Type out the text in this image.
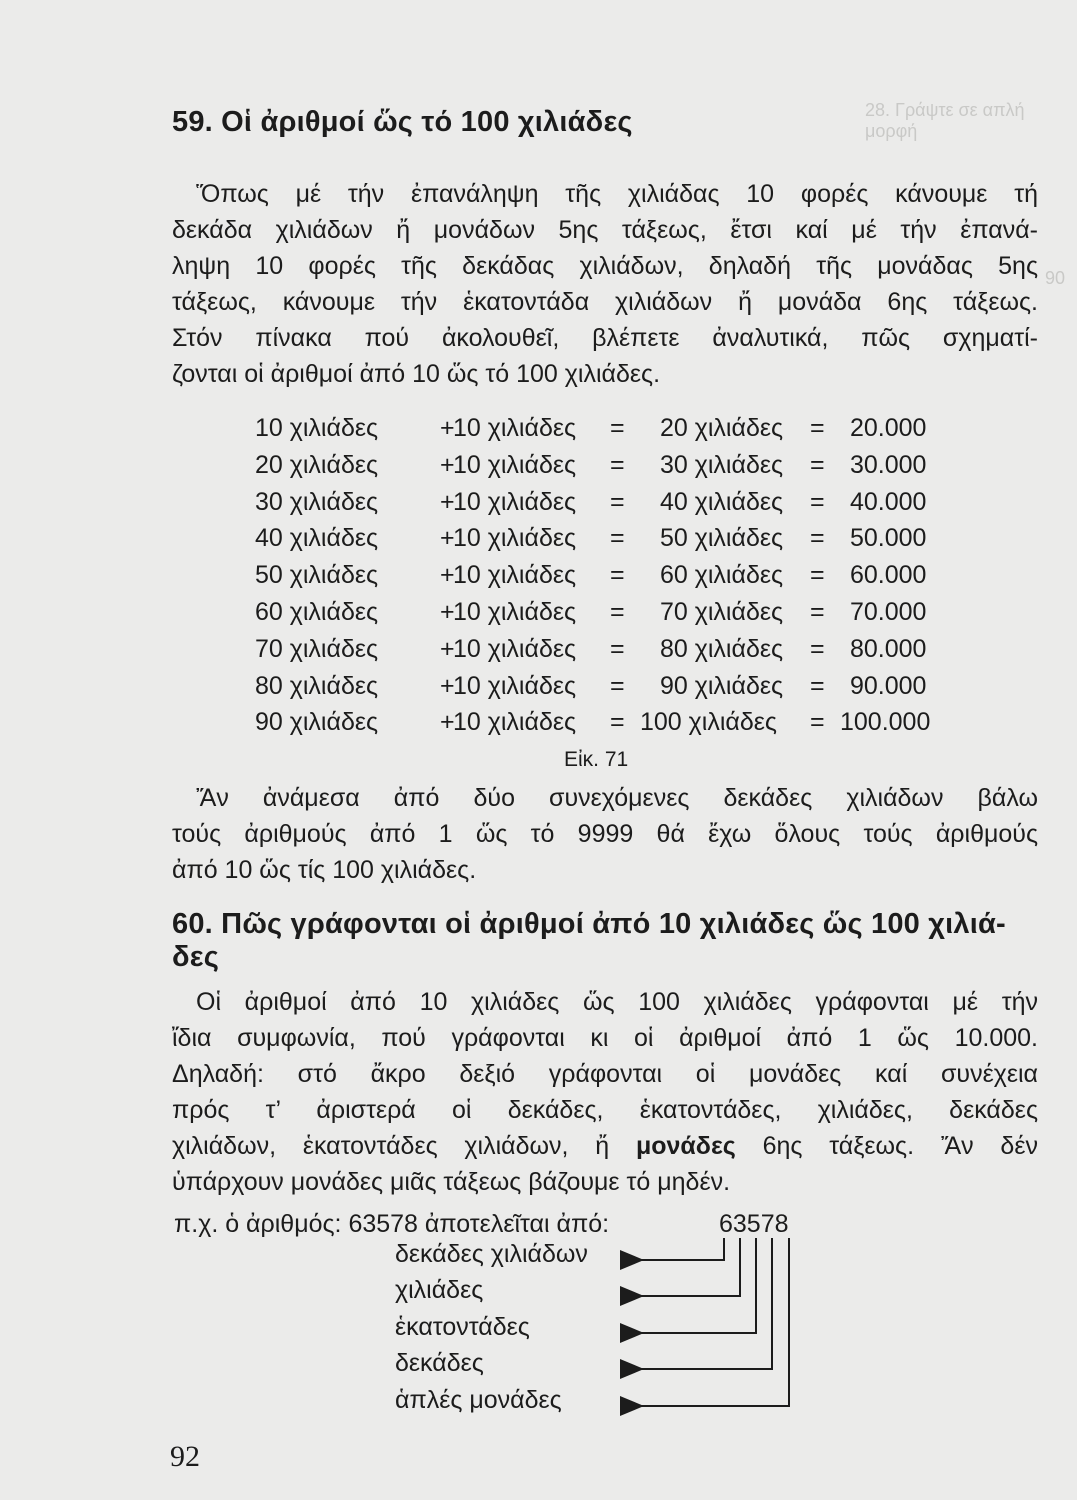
28. Γράψτε σε απλή μορφή
90
59. Οἱ ἀριθμοί ὥς τό 100 χιλιάδες
Ὅπως μέ τήν ἐπανάληψη τῆς χιλιάδας 10 φορές κάνουμε τή
δεκάδα χιλιάδων ἤ μονάδων 5ης τάξεως, ἔτσι καί μέ τήν ἐπανά-
ληψη 10 φορές τῆς δεκάδας χιλιάδων, δηλαδή τῆς μονάδας 5ης
τάξεως, κάνουμε τήν ἑκατοντάδα χιλιάδων ἤ μονάδα 6ης τάξεως.
Στόν πίνακα πού ἀκολουθεῖ, βλέπετε ἀναλυτικά, πῶς σχηματί-
ζονται οἱ ἀριθμοί ἀπό 10 ὥς τό 100 χιλιάδες.
10 χιλιάδες +
10 χιλιάδες = 20 χιλιάδες = 20.000
20 χιλιάδες +
10 χιλιάδες = 30 χιλιάδες = 30.000
30 χιλιάδες +
10 χιλιάδες = 40 χιλιάδες = 40.000
40 χιλιάδες +
10 χιλιάδες = 50 χιλιάδες = 50.000
50 χιλιάδες +
10 χιλιάδες = 60 χιλιάδες = 60.000
60 χιλιάδες +
10 χιλιάδες = 70 χιλιάδες = 70.000
70 χιλιάδες +
10 χιλιάδες = 80 χιλιάδες = 80.000
80 χιλιάδες +
10 χιλιάδες = 90 χιλιάδες = 90.000
90 χιλιάδες +
10 χιλιάδες = 100 χιλιάδες = 100.000
Εἰκ. 71
Ἄν ἀνάμεσα ἀπό δύο συνεχόμενες δεκάδες χιλιάδων βάλω
τούς ἀριθμούς ἀπό 1 ὥς τό 9999 θά ἔχω ὅλους τούς ἀριθμούς
ἀπό 10 ὥς τίς 100 χιλιάδες.
60. Πῶς γράφονται οἱ ἀριθμοί ἀπό 10 χιλιάδες ὥς 100 χιλιά-
δες
Οἱ ἀριθμοί ἀπό 10 χιλιάδες ὥς 100 χιλιάδες γράφονται μέ τήν
ἴδια συμφωνία, πού γράφονται κι οἱ ἀριθμοί ἀπό 1 ὥς 10.000.
Δηλαδή: στό ἄκρο δεξιό γράφονται οἱ μονάδες καί συνέχεια
πρός τ’ ἀριστερά οἱ δεκάδες, ἑκατοντάδες, χιλιάδες, δεκάδες
χιλιάδων, ἑκατοντάδες χιλιάδων, ἤ μονάδες 6ης τάξεως. Ἄν δέν
ὑπάρχουν μονάδες μιᾶς τάξεως βάζουμε τό μηδέν.
π.χ. ὁ ἀριθμός: 63578 ἀποτελεῖται ἀπό:	63578
δεκάδες χιλιάδων
χιλιάδες
ἑκατοντάδες
δεκάδες
ἁπλές μονάδες
92
